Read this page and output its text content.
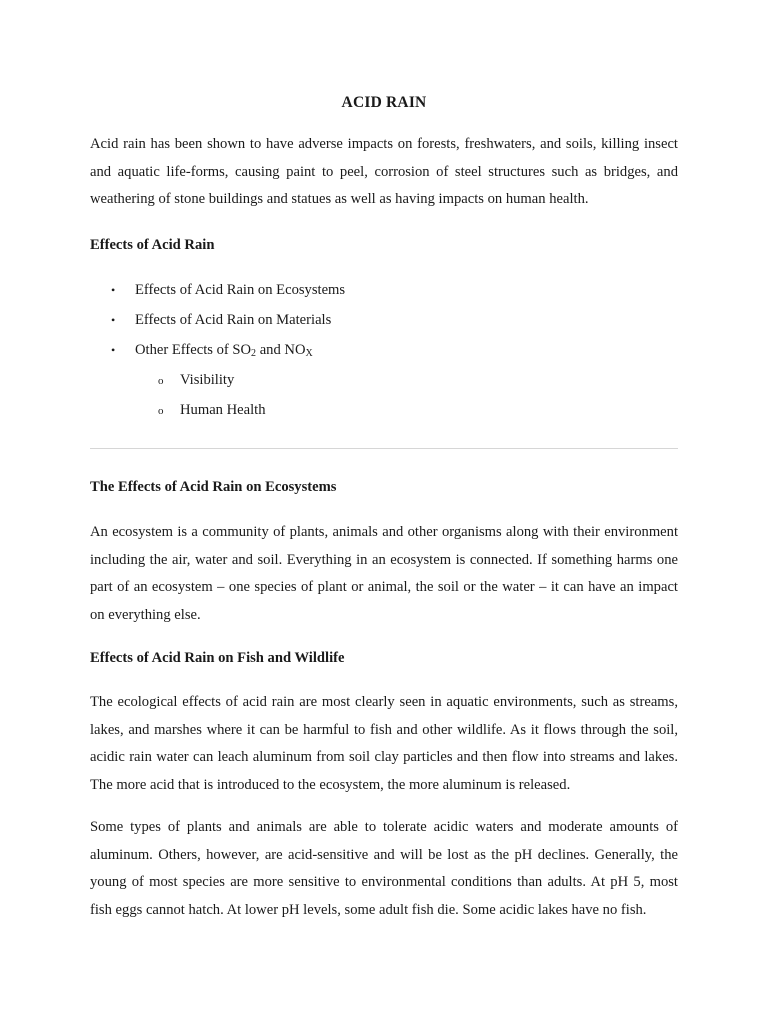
ACID RAIN

Acid rain has been shown to have adverse impacts on forests, freshwaters, and soils, killing insect and aquatic life-forms, causing paint to peel, corrosion of steel structures such as bridges, and weathering of stone buildings and statues as well as having impacts on human health.

Effects of Acid Rain

• Effects of Acid Rain on Ecosystems
• Effects of Acid Rain on Materials
• Other Effects of $SO_2$ and $NO_X$
o Visibility
o Human Health

The Effects of Acid Rain on Ecosystems

An ecosystem is a community of plants, animals and other organisms along with their environment including the air, water and soil. Everything in an ecosystem is connected. If something harms one part of an ecosystem – one species of plant or animal, the soil or the water – it can have an impact on everything else.

Effects of Acid Rain on Fish and Wildlife

The ecological effects of acid rain are most clearly seen in aquatic environments, such as streams, lakes, and marshes where it can be harmful to fish and other wildlife. As it flows through the soil, acidic rain water can leach aluminum from soil clay particles and then flow into streams and lakes. The more acid that is introduced to the ecosystem, the more aluminum is released.

Some types of plants and animals are able to tolerate acidic waters and moderate amounts of aluminum. Others, however, are acid-sensitive and will be lost as the pH declines. Generally, the young of most species are more sensitive to environmental conditions than adults. At pH 5, most fish eggs cannot hatch. At lower pH levels, some adult fish die. Some acidic lakes have no fish.
